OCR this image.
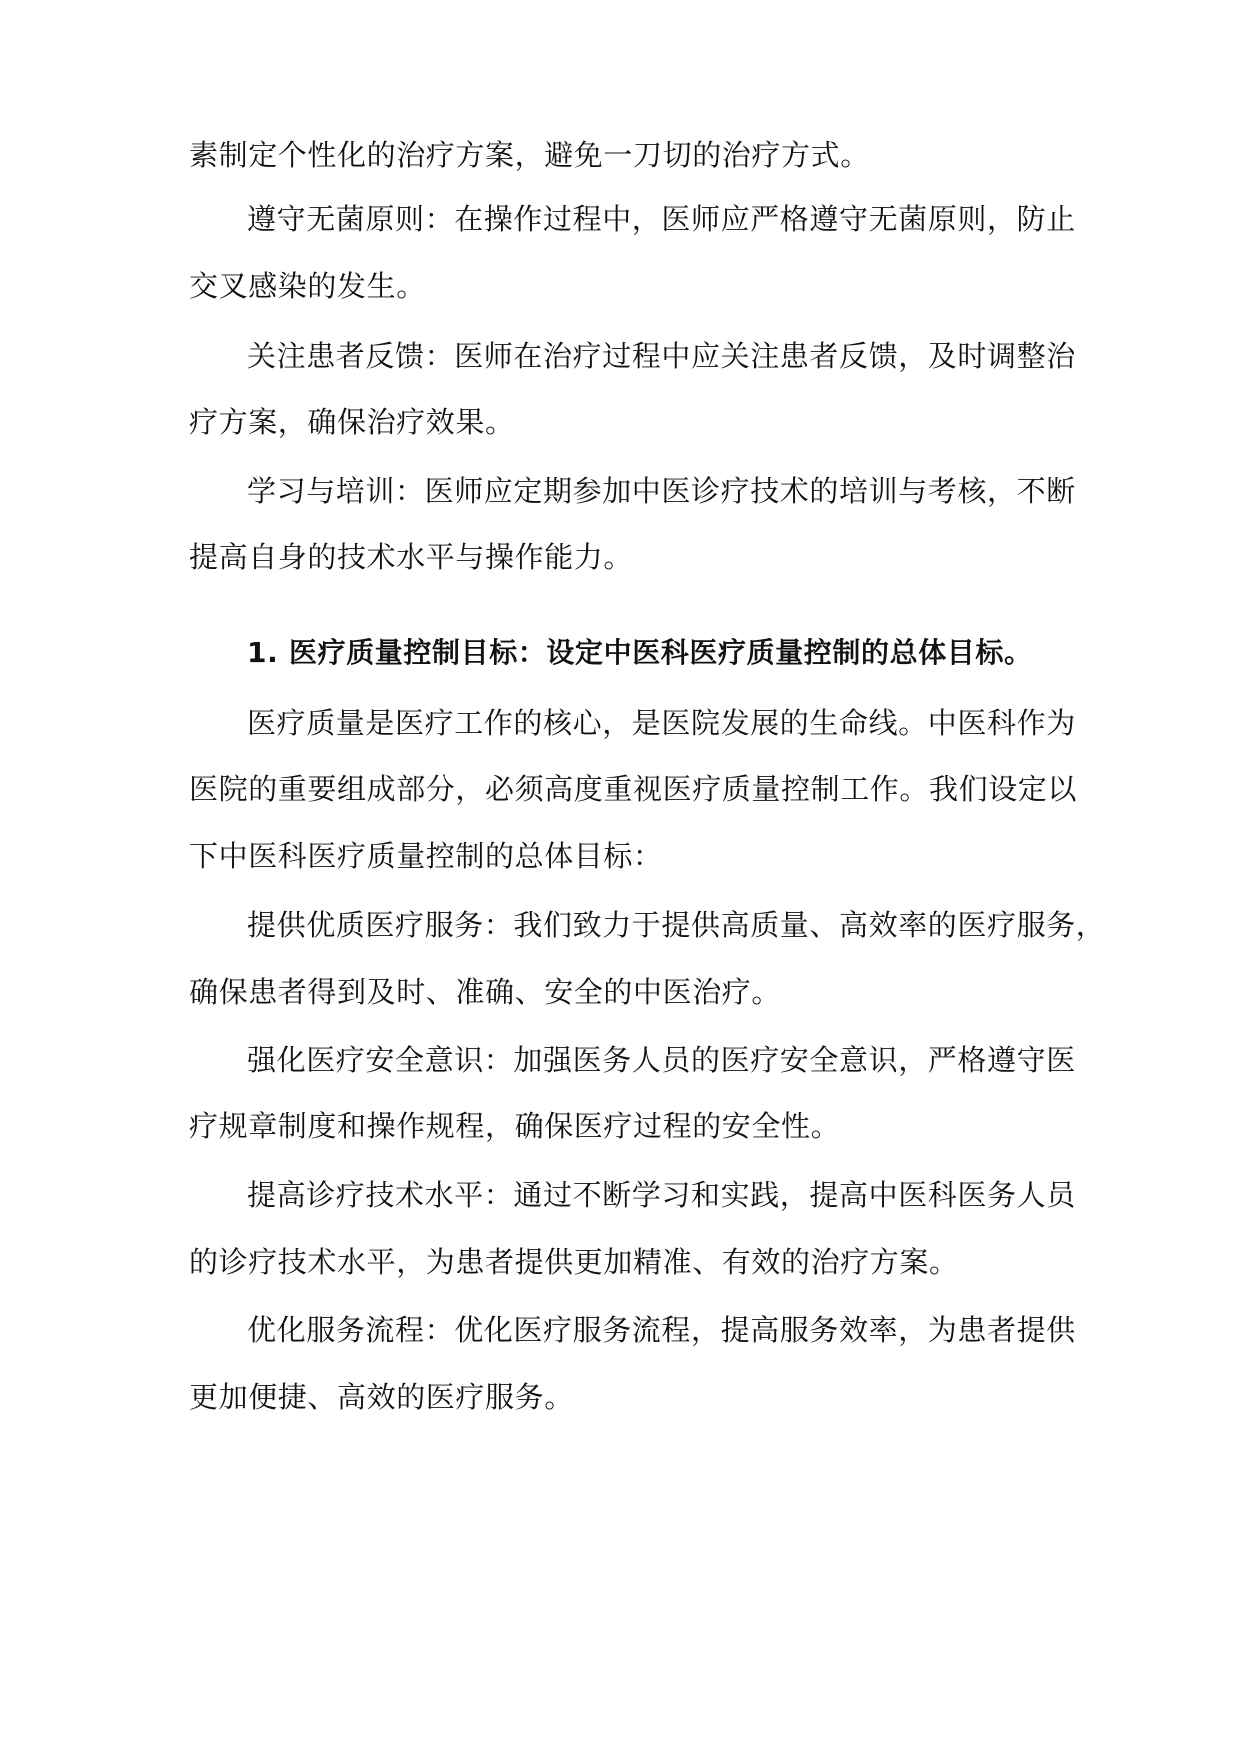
素制定个性化的治疗方案，避免一刀切的治疗方式。
遵守无菌原则：在操作过程中，医师应严格遵守无菌原则，防止
交叉感染的发生。
关注患者反馈：医师在治疗过程中应关注患者反馈，及时调整治
疗方案，确保治疗效果。
学习与培训：医师应定期参加中医诊疗技术的培训与考核，不断
提高自身的技术水平与操作能力。
1. 医疗质量控制目标：设定中医科医疗质量控制的总体目标。
医疗质量是医疗工作的核心，是医院发展的生命线。中医科作为
医院的重要组成部分，必须高度重视医疗质量控制工作。我们设定以
下中医科医疗质量控制的总体目标：
提供优质医疗服务：我们致力于提供高质量、高效率的医疗服务，
确保患者得到及时、准确、安全的中医治疗。
强化医疗安全意识：加强医务人员的医疗安全意识，严格遵守医
疗规章制度和操作规程，确保医疗过程的安全性。
提高诊疗技术水平：通过不断学习和实践，提高中医科医务人员
的诊疗技术水平，为患者提供更加精准、有效的治疗方案。
优化服务流程：优化医疗服务流程，提高服务效率，为患者提供
更加便捷、高效的医疗服务。
